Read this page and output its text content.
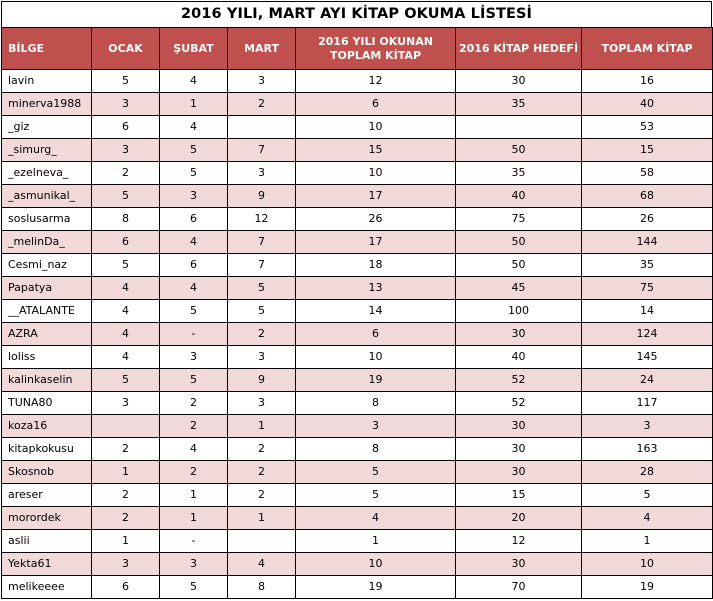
2016 YILI, MART AYI KİTAP OKUMA LİSTESİ
BİLGE	OCAK	ŞUBAT	MART	2016 YILI OKUNAN TOPLAM KİTAP	2016 KİTAP HEDEFİ	TOPLAM KİTAP
lavin	5	4	3	12	30	16
minerva1988	3	1	2	6	35	40
_giz	6	4		10		53
_simurg_	3	5	7	15	50	15
_ezelneva_	2	5	3	10	35	58
_asmunikal_	5	3	9	17	40	68
soslusarma	8	6	12	26	75	26
_melinDa_	6	4	7	17	50	144
Cesmi_naz	5	6	7	18	50	35
Papatya	4	4	5	13	45	75
__ATALANTE	4	5	5	14	100	14
AZRA	4	-	2	6	30	124
loliss	4	3	3	10	40	145
kalinkaselin	5	5	9	19	52	24
TUNA80	3	2	3	8	52	117
koza16		2	1	3	30	3
kitapkokusu	2	4	2	8	30	163
Skosnob	1	2	2	5	30	28
areser	2	1	2	5	15	5
morordek	2	1	1	4	20	4
aslii	1	-		1	12	1
Yekta61	3	3	4	10	30	10
melikeeee	6	5	8	19	70	19
